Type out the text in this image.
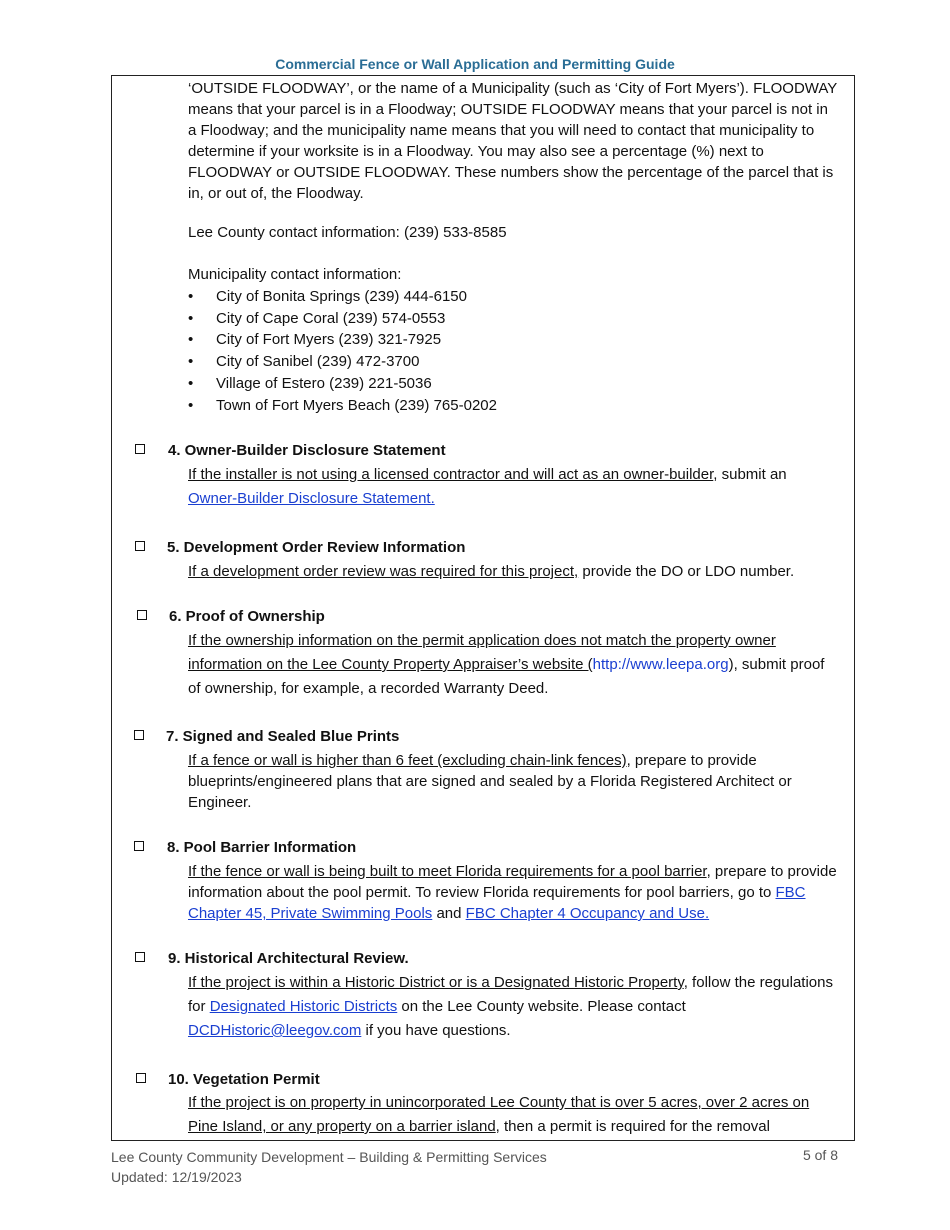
Commercial Fence or Wall Application and Permitting Guide
‘OUTSIDE FLOODWAY’, or the name of a Municipality (such as ‘City of Fort Myers’). FLOODWAY means that your parcel is in a Floodway; OUTSIDE FLOODWAY means that your parcel is not in a Floodway; and the municipality name means that you will need to contact that municipality to determine if your worksite is in a Floodway. You may also see a percentage (%) next to FLOODWAY or OUTSIDE FLOODWAY. These numbers show the percentage of the parcel that is in, or out of, the Floodway.
Lee County contact information: (239) 533-8585
Municipality contact information:
• City of Bonita Springs (239) 444-6150
• City of Cape Coral (239) 574-0553
• City of Fort Myers (239) 321-7925
• City of Sanibel (239) 472-3700
• Village of Estero (239) 221-5036
• Town of Fort Myers Beach (239) 765-0202
4. Owner-Builder Disclosure Statement
If the installer is not using a licensed contractor and will act as an owner-builder, submit an Owner-Builder Disclosure Statement.
5. Development Order Review Information
If a development order review was required for this project, provide the DO or LDO number.
6. Proof of Ownership
If the ownership information on the permit application does not match the property owner information on the Lee County Property Appraiser’s website (http://www.leepa.org), submit proof of ownership, for example, a recorded Warranty Deed.
7. Signed and Sealed Blue Prints
If a fence or wall is higher than 6 feet (excluding chain-link fences), prepare to provide blueprints/engineered plans that are signed and sealed by a Florida Registered Architect or Engineer.
8. Pool Barrier Information
If the fence or wall is being built to meet Florida requirements for a pool barrier, prepare to provide information about the pool permit. To review Florida requirements for pool barriers, go to FBC Chapter 45, Private Swimming Pools and FBC Chapter 4 Occupancy and Use.
9. Historical Architectural Review.
If the project is within a Historic District or is a Designated Historic Property, follow the regulations for Designated Historic Districts on the Lee County website. Please contact DCDHistoric@leegov.com if you have questions.
10. Vegetation Permit
If the project is on property in unincorporated Lee County that is over 5 acres, over 2 acres on Pine Island, or any property on a barrier island, then a permit is required for the removal
Lee County Community Development – Building & Permitting Services
Updated: 12/19/2023
5 of 8
